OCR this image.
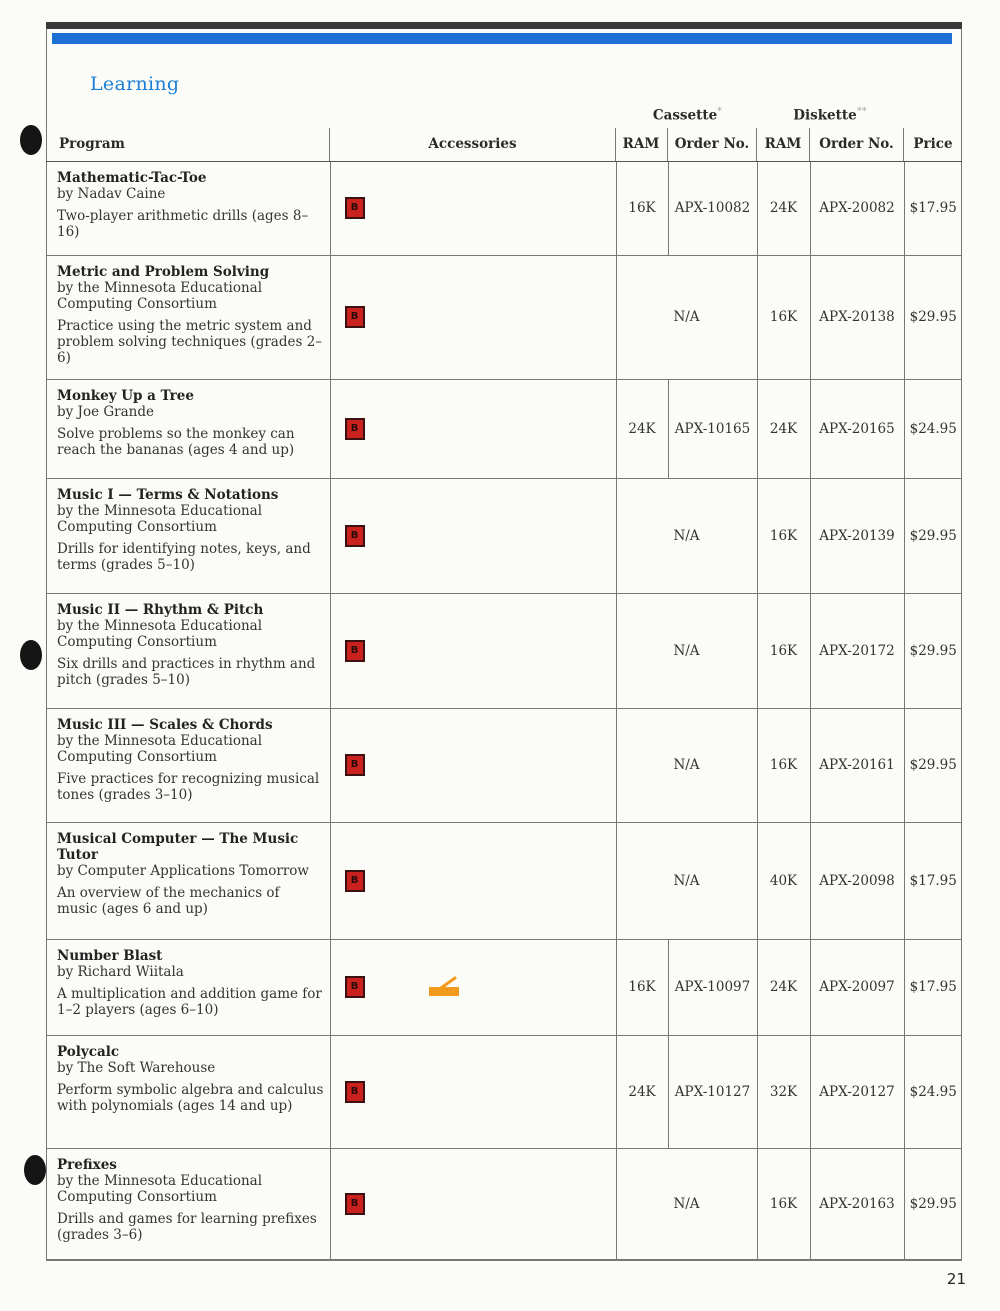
Learning
Cassette*	Diskette**
Program	Accessories	RAM	Order No.	RAM	Order No.	Price
Mathematic-Tac-Toe
by Nadav Caine
Two-player arithmetic drills (ages 8–16)	B	16K	APX-10082	24K	APX-20082	$17.95

Metric and Problem Solving
by the Minnesota Educational Computing Consortium
Practice using the metric system and problem solving techniques (grades 2–6)	B	N/A		16K	APX-20138	$29.95

Monkey Up a Tree
by Joe Grande
Solve problems so the monkey can reach the bananas (ages 4 and up)	B	24K	APX-10165	24K	APX-20165	$24.95

Music I — Terms & Notations
by the Minnesota Educational Computing Consortium
Drills for identifying notes, keys, and terms (grades 5–10)	B	N/A		16K	APX-20139	$29.95

Music II — Rhythm & Pitch
by the Minnesota Educational Computing Consortium
Six drills and practices in rhythm and pitch (grades 5–10)	B	N/A		16K	APX-20172	$29.95

Music III — Scales & Chords
by the Minnesota Educational Computing Consortium
Five practices for recognizing musical tones (grades 3–10)	B	N/A		16K	APX-20161	$29.95

Musical Computer — The Music Tutor
by Computer Applications Tomorrow
An overview of the mechanics of music (ages 6 and up)	B	N/A		40K	APX-20098	$17.95

Number Blast
by Richard Wiitala
A multiplication and addition game for 1–2 players (ages 6–10)	B	16K	APX-10097	24K	APX-20097	$17.95

Polycalc
by The Soft Warehouse
Perform symbolic algebra and calculus with polynomials (ages 14 and up)	B	24K	APX-10127	32K	APX-20127	$24.95

Prefixes
by the Minnesota Educational Computing Consortium
Drills and games for learning prefixes (grades 3–6)	B	N/A		16K	APX-20163	$29.95
21
